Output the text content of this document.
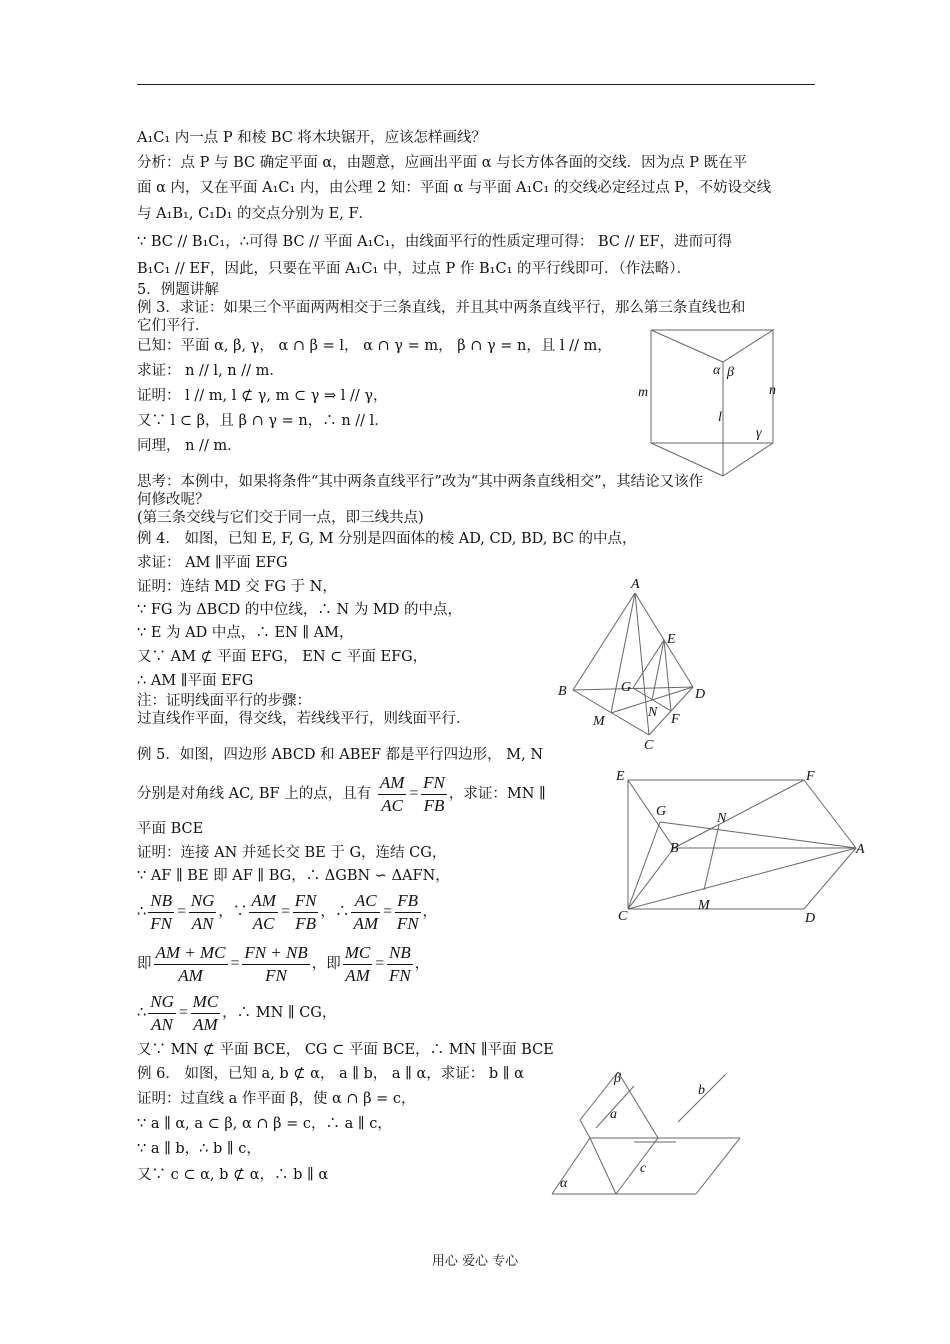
A₁C₁ 内一点 P 和棱 BC 将木块锯开，应该怎样画线？
分析：点 P 与 BC 确定平面 α，由题意，应画出平面 α 与长方体各面的交线．因为点 P 既在平
面 α 内，又在平面 A₁C₁ 内，由公理 2 知：平面 α 与平面 A₁C₁ 的交线必定经过点 P，不妨设交线
与 A₁B₁, C₁D₁ 的交点分别为 E, F．
∵ BC // B₁C₁，∴可得 BC // 平面 A₁C₁，由线面平行的性质定理可得： BC // EF，进而可得
B₁C₁ // EF，因此，只要在平面 A₁C₁ 中，过点 P 作 B₁C₁ 的平行线即可．（作法略）．
5．例题讲解
例 3．求证：如果三个平面两两相交于三条直线，并且其中两条直线平行，那么第三条直线也和
它们平行．
已知：平面 α, β, γ， α ∩ β = l， α ∩ γ = m， β ∩ γ = n，且 l // m，
求证： n // l, n // m．
证明： l // m, l ⊄ γ, m ⊂ γ ⇒ l // γ，
又∵ l ⊂ β，且 β ∩ γ = n，∴ n // l．
同理， n // m．
思考：本例中，如果将条件“其中两条直线平行”改为“其中两条直线相交”，其结论又该作
何修改呢？
(第三条交线与它们交于同一点，即三线共点)
例 4． 如图，已知 E, F, G, M 分别是四面体的棱 AD, CD, BD, BC 的中点，
求证： AM ∥平面 EFG
证明：连结 MD 交 FG 于 N，
∵ FG 为 ΔBCD 的中位线，∴ N 为 MD 的中点，
∵ E 为 AD 中点，∴ EN ∥ AM，
又∵ AM ⊄ 平面 EFG， EN ⊂ 平面 EFG，
∴ AM ∥平面 EFG
注：证明线面平行的步骤：
过直线作平面，得交线，若线线平行，则线面平行．
例 5．如图，四边形 ABCD 和 ABEF 都是平行四边形， M, N
分别是对角线 AC, BF 上的点，且有 $\frac{AM}{AC} = \frac{FN}{FB}$ ，求证：MN ∥
平面 BCE
证明：连接 AN 并延长交 BE 于 G，连结 CG，
∵ AF ∥ BE 即 AF ∥ BG，∴ ΔGBN ∽ ΔAFN，
∴ $\frac{NB}{FN} = \frac{NG}{AN}$ ，∵ $\frac{AM}{AC} = \frac{FN}{FB}$ ，∴ $\frac{AC}{AM} = \frac{FB}{FN}$ ，
即 $\frac{AM + MC}{AM} = \frac{FN + NB}{FN}$ ，即 $\frac{MC}{AM} = \frac{NB}{FN}$ ，
∴ $\frac{NG}{AN} = \frac{MC}{AM}$ ，∴ MN ∥ CG，
又∵ MN ⊄ 平面 BCE， CG ⊂ 平面 BCE，∴ MN ∥平面 BCE
例 6． 如图，已知 a, b ⊄ α， a ∥ b， a ∥ α，求证： b ∥ α
证明：过直线 a 作平面 β，使 α ∩ β = c，
∵ a ∥ α, a ⊂ β, α ∩ β = c，∴ a ∥ c，
∵ a ∥ b，∴ b ∥ c，
又∵ c ⊂ α, b ⊄ α，∴ b ∥ α
α β
m	n
l
γ
A
B
C
D
E
F
G
M
N
E	F
G	N
B	A
M
C	D
β
a
b
c
α
用心 爱心 专心
